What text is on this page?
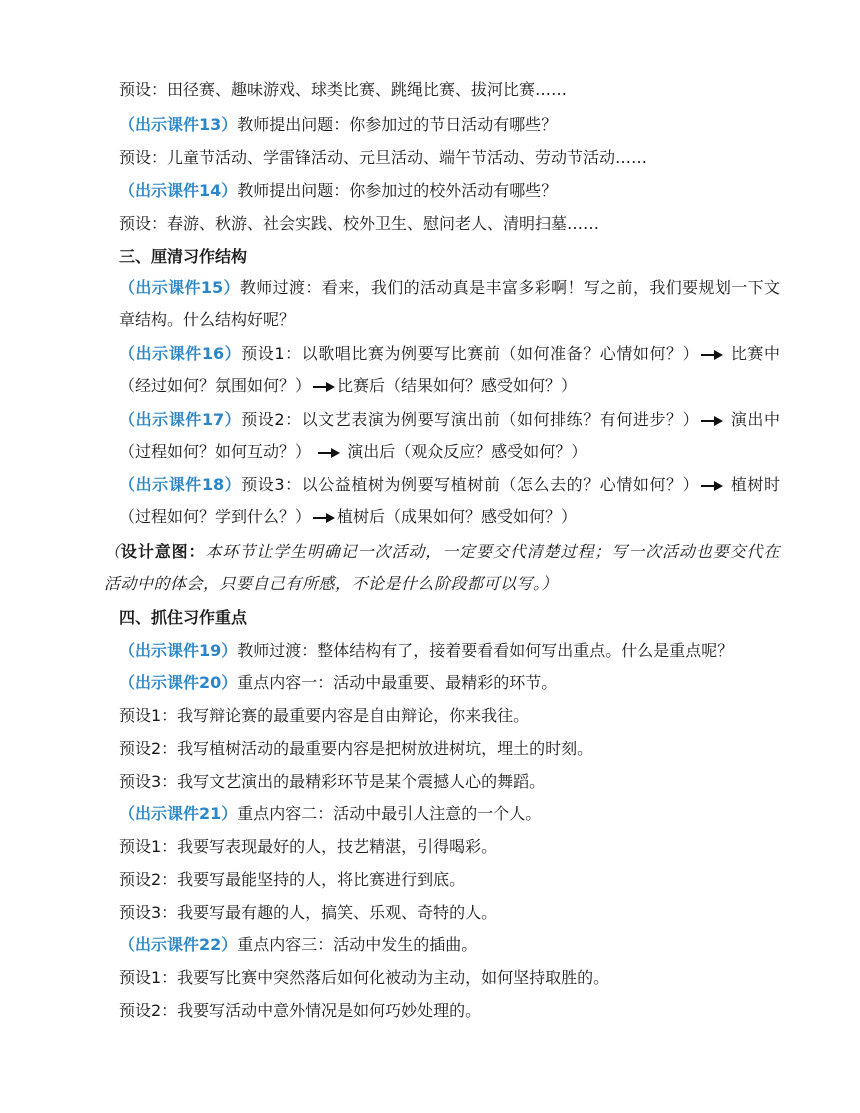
预设：田径赛、趣味游戏、球类比赛、跳绳比赛、拔河比赛……

（出示课件13）教师提出问题：你参加过的节日活动有哪些？

预设：儿童节活动、学雷锋活动、元旦活动、端午节活动、劳动节活动……

（出示课件14）教师提出问题：你参加过的校外活动有哪些？

预设：春游、秋游、社会实践、校外卫生、慰问老人、清明扫墓……

三、厘清习作结构

（出示课件15）教师过渡：看来，我们的活动真是丰富多彩啊！写之前，我们要规划一下文章结构。什么结构好呢？

（出示课件16）预设1：以歌唱比赛为例要写比赛前（如何准备？心情如何？） 比赛中（经过如何？氛围如何？） 比赛后（结果如何？感受如何？）

（出示课件17）预设2：以文艺表演为例要写演出前（如何排练？有何进步？） 演出中（过程如何？如何互动？） 演出后（观众反应？感受如何？）

（出示课件18）预设3：以公益植树为例要写植树前（怎么去的？心情如何？） 植树时（过程如何？学到什么？） 植树后（成果如何？感受如何？）

（设计意图：本环节让学生明确记一次活动，一定要交代清楚过程；写一次活动也要交代在活动中的体会，只要自己有所感，不论是什么阶段都可以写。）

四、抓住习作重点

（出示课件19）教师过渡：整体结构有了，接着要看看如何写出重点。什么是重点呢？

（出示课件20）重点内容一：活动中最重要、最精彩的环节。

预设1：我写辩论赛的最重要内容是自由辩论，你来我往。

预设2：我写植树活动的最重要内容是把树放进树坑，埋土的时刻。

预设3：我写文艺演出的最精彩环节是某个震撼人心的舞蹈。

（出示课件21）重点内容二：活动中最引人注意的一个人。

预设1：我要写表现最好的人，技艺精湛，引得喝彩。

预设2：我要写最能坚持的人，将比赛进行到底。

预设3：我要写最有趣的人，搞笑、乐观、奇特的人。

（出示课件22）重点内容三：活动中发生的插曲。

预设1：我要写比赛中突然落后如何化被动为主动，如何坚持取胜的。

预设2：我要写活动中意外情况是如何巧妙处理的。
